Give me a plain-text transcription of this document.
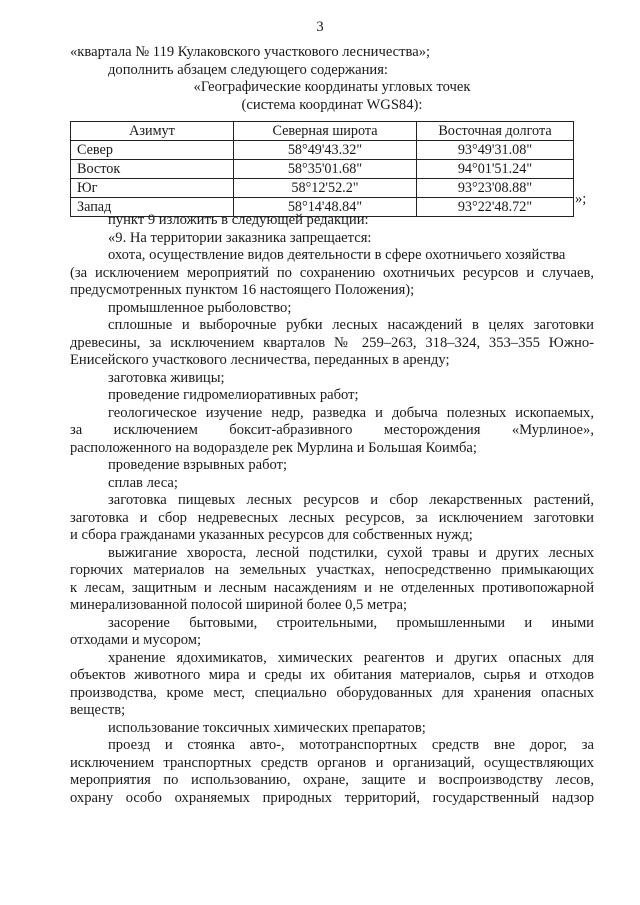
3
«квартала № 119 Кулаковского участкового лесничества»;
дополнить абзацем следующего содержания:
«Географические координаты угловых точек
(система координат WGS84):
Азимут	Северная широта	Восточная долгота
Север	58°49'43.32"	93°49'31.08"
Восток	58°35'01.68"	94°01'51.24"
Юг	58°12'52.2"	93°23'08.88"
Запад	58°14'48.84"	93°22'48.72"	»;
пункт 9 изложить в следующей редакции:
«9. На территории заказника запрещается:
охота, осуществление видов деятельности в сфере охотничьего хозяйства
(за исключением мероприятий по сохранению охотничьих ресурсов и случаев,
предусмотренных пунктом 16 настоящего Положения);
промышленное рыболовство;
сплошные и выборочные рубки лесных насаждений в целях заготовки
древесины, за исключением кварталов № 259–263, 318–324, 353–355 Южно-
Енисейского участкового лесничества, переданных в аренду;
заготовка живицы;
проведение гидромелиоративных работ;
геологическое изучение недр, разведка и добыча полезных ископаемых,
за исключением боксит-абразивного месторождения «Мурлиное»,
расположенного на водоразделе рек Мурлина и Большая Коимба;
проведение взрывных работ;
сплав леса;
заготовка пищевых лесных ресурсов и сбор лекарственных растений,
заготовка и сбор недревесных лесных ресурсов, за исключением заготовки
и сбора гражданами указанных ресурсов для собственных нужд;
выжигание хвороста, лесной подстилки, сухой травы и других лесных
горючих материалов на земельных участках, непосредственно примыкающих
к лесам, защитным и лесным насаждениям и не отделенных противопожарной
минерализованной полосой шириной более 0,5 метра;
засорение бытовыми, строительными, промышленными и иными
отходами и мусором;
хранение ядохимикатов, химических реагентов и других опасных для
объектов животного мира и среды их обитания материалов, сырья и отходов
производства, кроме мест, специально оборудованных для хранения опасных
веществ;
использование токсичных химических препаратов;
проезд и стоянка авто-, мототранспортных средств вне дорог, за
исключением транспортных средств органов и организаций, осуществляющих
мероприятия по использованию, охране, защите и воспроизводству лесов,
охрану особо охраняемых природных территорий, государственный надзор
